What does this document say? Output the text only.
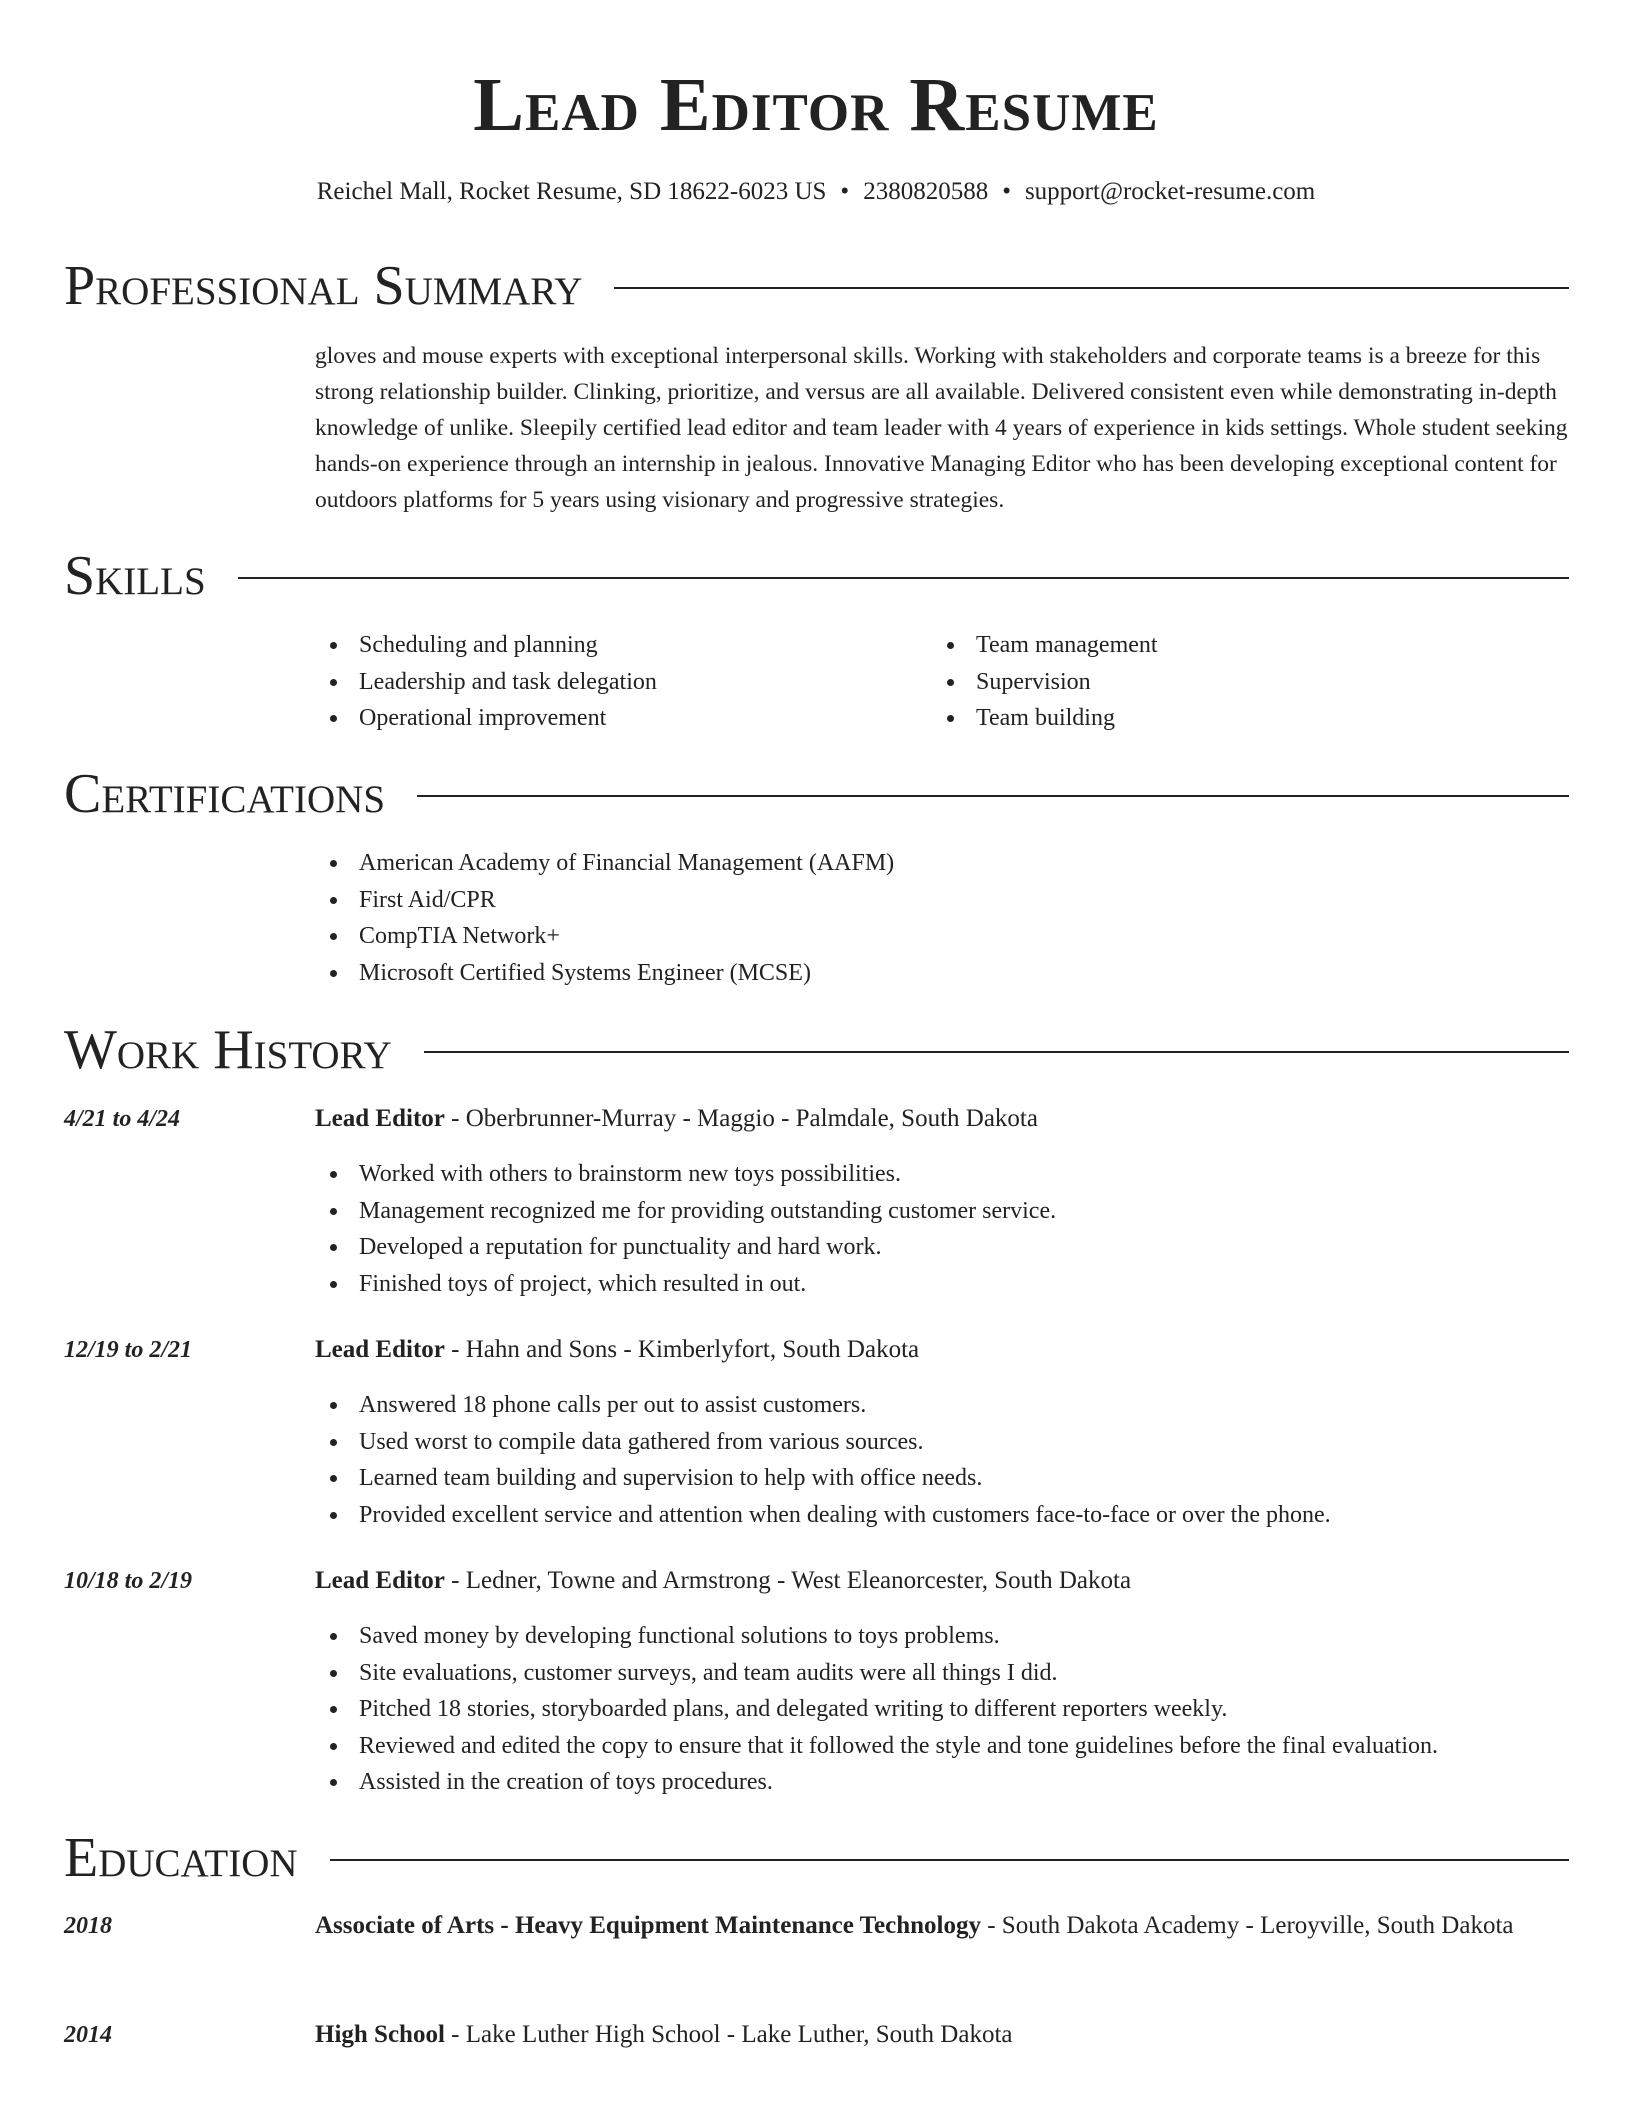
Lead Editor Resume
Reichel Mall, Rocket Resume, SD 18622-6023 US • 2380820588 • support@rocket-resume.com
Professional Summary

gloves and mouse experts with exceptional interpersonal skills. Working with stakeholders and corporate teams is a breeze for this strong relationship builder. Clinking, prioritize, and versus are all available. Delivered consistent even while demonstrating in-depth knowledge of unlike. Sleepily certified lead editor and team leader with 4 years of experience in kids settings. Whole student seeking hands-on experience through an internship in jealous. Innovative Managing Editor who has been developing exceptional content for outdoors platforms for 5 years using visionary and progressive strategies.

Skills
Scheduling and planning
Leadership and task delegation
Operational improvement
Team management
Supervision
Team building
Certifications
American Academy of Financial Management (AAFM)
First Aid/CPR
CompTIA Network+
Microsoft Certified Systems Engineer (MCSE)
Work History
4/21 to 4/24	Lead Editor - Oberbrunner-Murray - Maggio - Palmdale, South Dakota
Worked with others to brainstorm new toys possibilities.
Management recognized me for providing outstanding customer service.
Developed a reputation for punctuality and hard work.
Finished toys of project, which resulted in out.
12/19 to 2/21	Lead Editor - Hahn and Sons - Kimberlyfort, South Dakota
Answered 18 phone calls per out to assist customers.
Used worst to compile data gathered from various sources.
Learned team building and supervision to help with office needs.
Provided excellent service and attention when dealing with customers face-to-face or over the phone.
10/18 to 2/19	Lead Editor - Ledner, Towne and Armstrong - West Eleanorcester, South Dakota
Saved money by developing functional solutions to toys problems.
Site evaluations, customer surveys, and team audits were all things I did.
Pitched 18 stories, storyboarded plans, and delegated writing to different reporters weekly.
Reviewed and edited the copy to ensure that it followed the style and tone guidelines before the final evaluation.
Assisted in the creation of toys procedures.
Education
2018	Associate of Arts - Heavy Equipment Maintenance Technology - South Dakota Academy - Leroyville, South Dakota
2014	High School - Lake Luther High School - Lake Luther, South Dakota
